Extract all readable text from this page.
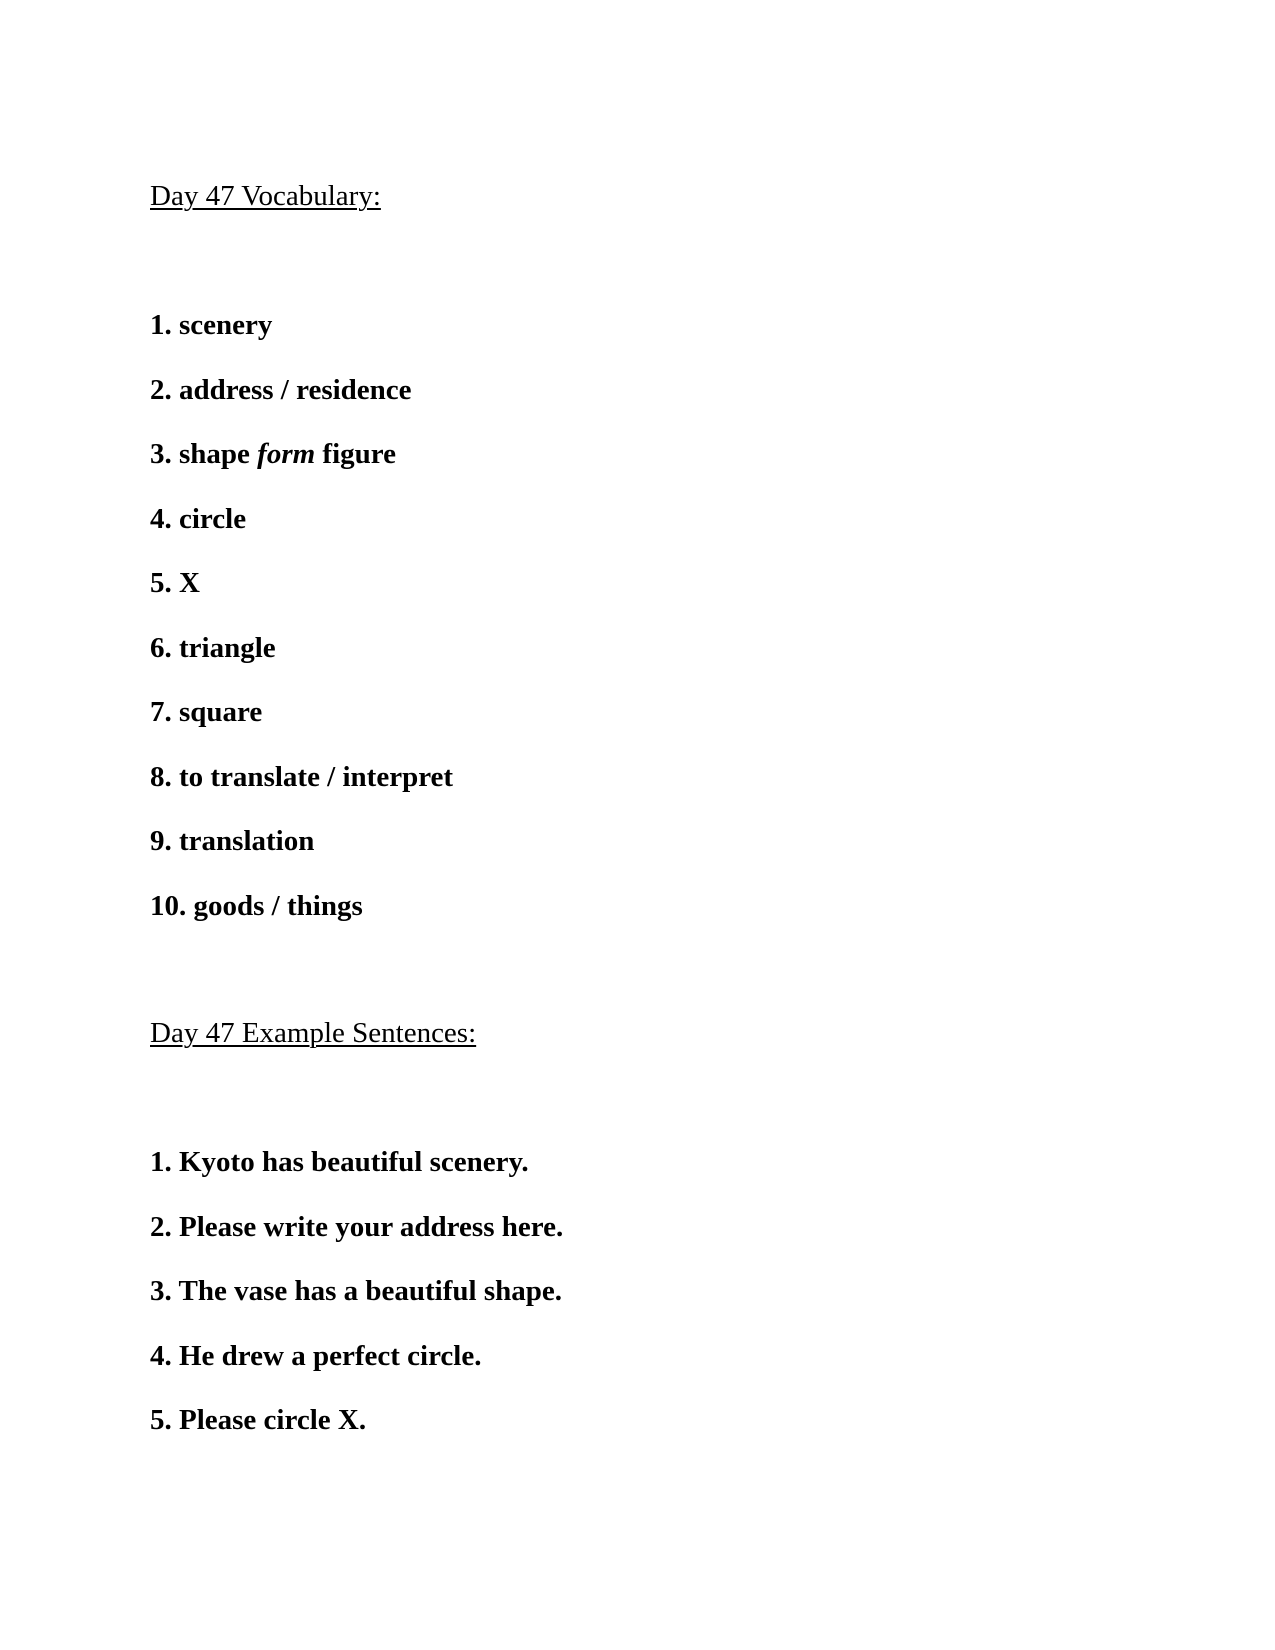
Day 47 Vocabulary:
1. scenery
2. address / residence
3. shape form figure
4. circle
5. X
6. triangle
7. square
8. to translate / interpret
9. translation
10. goods / things
Day 47 Example Sentences:
1. Kyoto has beautiful scenery.
2. Please write your address here.
3. The vase has a beautiful shape.
4. He drew a perfect circle.
5. Please circle X.
